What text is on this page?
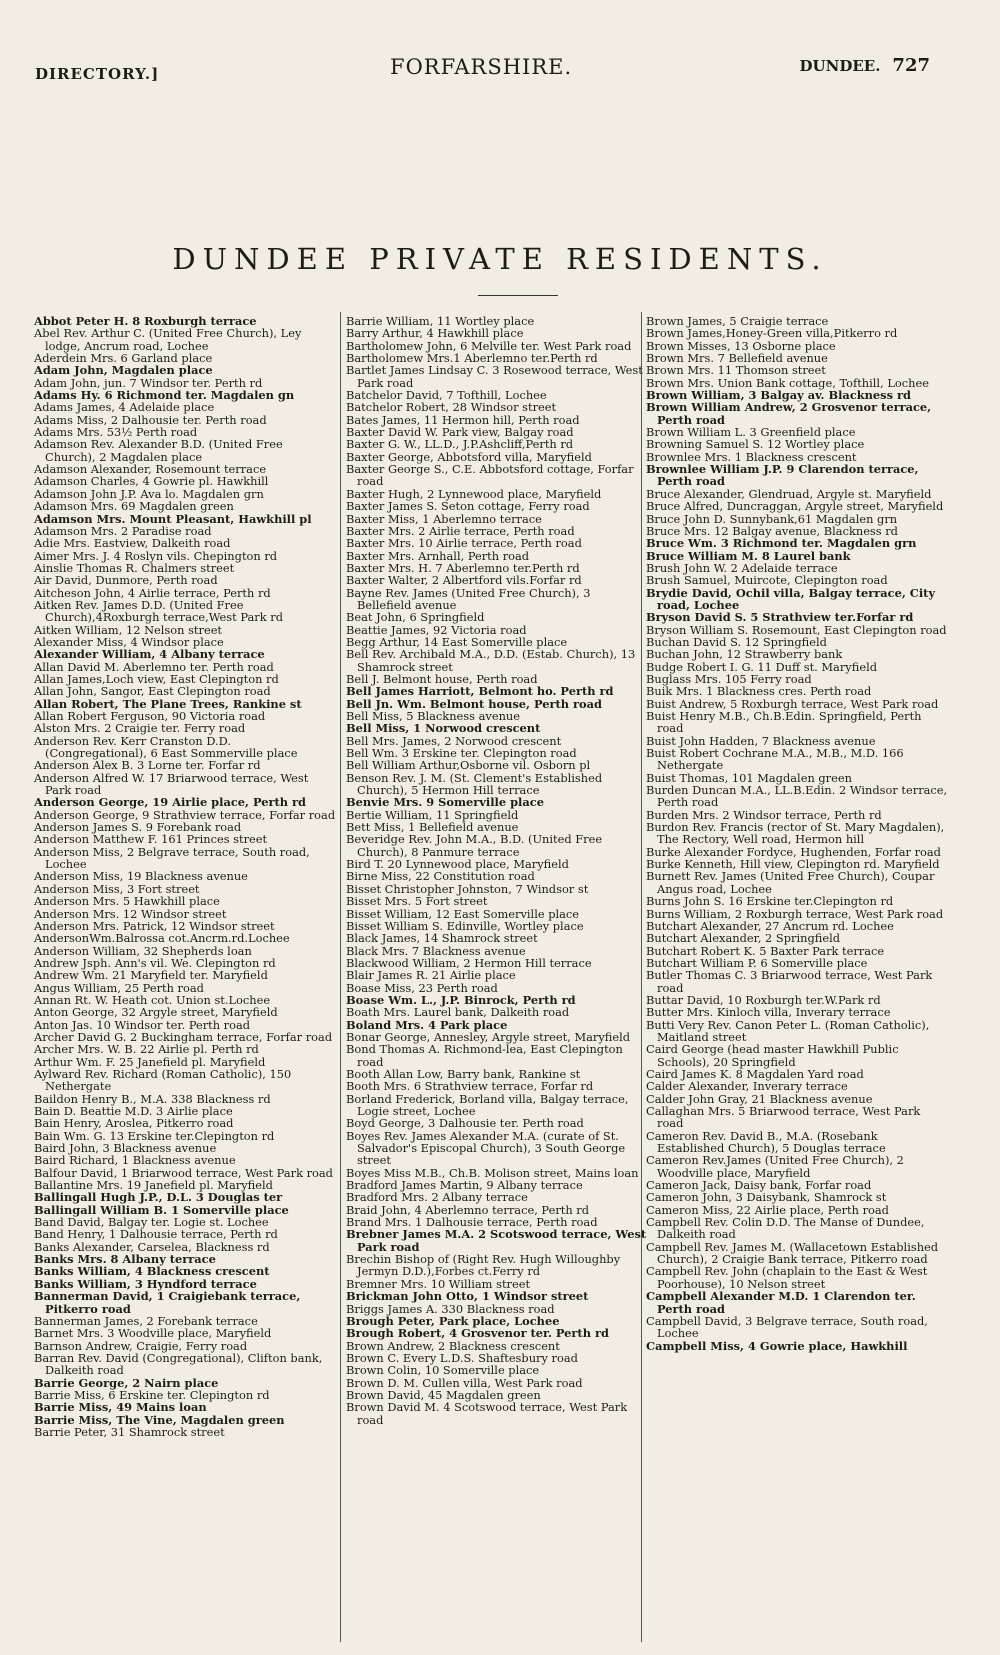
DIRECTORY.]	FORFARSHIRE.	DUNDEE. 727
DUNDEE PRIVATE RESIDENTS.
Abbot Peter H. 8 Roxburgh terrace
Abel Rev. Arthur C. (United Free Church), Ley lodge, Ancrum road, Lochee
Aderdein Mrs. 6 Garland place
Adam John, Magdalen place
Adam John, jun. 7 Windsor ter. Perth rd
Adams Hy. 6 Richmond ter. Magdalen gn
Adams James, 4 Adelaide place
Adams Miss, 2 Dalhousie ter. Perth road
Adams Mrs. 53½ Perth road
Adamson Rev. Alexander B.D. (United Free Church), 2 Magdalen place
Adamson Alexander, Rosemount terrace
Adamson Charles, 4 Gowrie pl. Hawkhill
Adamson John J.P. Ava lo. Magdalen grn
Adamson Mrs. 69 Magdalen green
Adamson Mrs. Mount Pleasant, Hawkhill pl
Adamson Mrs. 2 Paradise road
Adie Mrs. Eastview, Dalkeith road
Aimer Mrs. J. 4 Roslyn vils. Chepington rd
Ainslie Thomas R. Chalmers street
Air David, Dunmore, Perth road
Aitcheson John, 4 Airlie terrace, Perth rd
Aitken Rev. James D.D. (United Free Church),4Roxburgh terrace,West Park rd
Aitken William, 12 Nelson street
Alexander Miss, 4 Windsor place
Alexander William, 4 Albany terrace
Allan David M. Aberlemno ter. Perth road
Allan James,Loch view, East Clepington rd
Allan John, Sangor, East Clepington road
Allan Robert, The Plane Trees, Rankine st
Allan Robert Ferguson, 90 Victoria road
Alston Mrs. 2 Craigie ter. Ferry road
Anderson Rev. Kerr Cranston D.D. (Congregational), 6 East Sommerville place
Anderson Alex B. 3 Lorne ter. Forfar rd
Anderson Alfred W. 17 Briarwood terrace, West Park road
Anderson George, 19 Airlie place, Perth rd
Anderson George, 9 Strathview terrace, Forfar road
Anderson James S. 9 Forebank road
Anderson Matthew F. 161 Princes street
Anderson Miss, 2 Belgrave terrace, South road, Lochee
Anderson Miss, 19 Blackness avenue
Anderson Miss, 3 Fort street
Anderson Mrs. 5 Hawkhill place
Anderson Mrs. 12 Windsor street
Anderson Mrs. Patrick, 12 Windsor street
AndersonWm.Balrossa cot.Ancrm.rd.Lochee
Anderson William, 32 Shepherds loan
Andrew Jsph. Ann's vil. We. Clepington rd
Andrew Wm. 21 Maryfield ter. Maryfield
Angus William, 25 Perth road
Annan Rt. W. Heath cot. Union st.Lochee
Anton George, 32 Argyle street, Maryfield
Anton Jas. 10 Windsor ter. Perth road
Archer David G. 2 Buckingham terrace, Forfar road
Archer Mrs. W. B. 22 Airlie pl. Perth rd
Arthur Wm. F. 25 Janefield pl. Maryfield
Aylward Rev. Richard (Roman Catholic), 150 Nethergate
Baildon Henry B., M.A. 338 Blackness rd
Bain D. Beattie M.D. 3 Airlie place
Bain Henry, Aroslea, Pitkerro road
Bain Wm. G. 13 Erskine ter.Clepington rd
Baird John, 3 Blackness avenue
Baird Richard, 1 Blackness avenue
Balfour David, 1 Briarwood terrace, West Park road
Ballantine Mrs. 19 Janefield pl. Maryfield
Ballingall Hugh J.P., D.L. 3 Douglas ter
Ballingall William B. 1 Somerville place
Band David, Balgay ter. Logie st. Lochee
Band Henry, 1 Dalhousie terrace, Perth rd
Banks Alexander, Carselea, Blackness rd
Banks Mrs. 8 Albany terrace
Banks William, 4 Blackness crescent
Banks William, 3 Hyndford terrace
Bannerman David, 1 Craigiebank terrace, Pitkerro road
Bannerman James, 2 Forebank terrace
Barnet Mrs. 3 Woodville place, Maryfield
Barnson Andrew, Craigie, Ferry road
Barran Rev. David (Congregational), Clifton bank, Dalkeith road
Barrie George, 2 Nairn place
Barrie Miss, 6 Erskine ter. Clepington rd
Barrie Miss, 49 Mains loan
Barrie Miss, The Vine, Magdalen green
Barrie Peter, 31 Shamrock street
Barrie William, 11 Wortley place
Barry Arthur, 4 Hawkhill place
Bartholomew John, 6 Melville ter. West Park road
Bartholomew Mrs.1 Aberlemno ter.Perth rd
Bartlet James Lindsay C. 3 Rosewood terrace, West Park road
Batchelor David, 7 Tofthill, Lochee
Batchelor Robert, 28 Windsor street
Bates James, 11 Hermon hill, Perth road
Baxter David W. Park view, Balgay road
Baxter G. W., LL.D., J.P.Ashcliff,Perth rd
Baxter George, Abbotsford villa, Maryfield
Baxter George S., C.E. Abbotsford cottage, Forfar road
Baxter Hugh, 2 Lynnewood place, Maryfield
Baxter James S. Seton cottage, Ferry road
Baxter Miss, 1 Aberlemno terrace
Baxter Mrs. 2 Airlie terrace, Perth road
Baxter Mrs. 10 Airlie terrace, Perth road
Baxter Mrs. Arnhall, Perth road
Baxter Mrs. H. 7 Aberlemno ter.Perth rd
Baxter Walter, 2 Albertford vils.Forfar rd
Bayne Rev. James (United Free Church), 3 Bellefield avenue
Beat John, 6 Springfield
Beattie James, 92 Victoria road
Begg Arthur, 14 East Somerville place
Bell Rev. Archibald M.A., D.D. (Estab. Church), 13 Shamrock street
Bell J. Belmont house, Perth road
Bell James Harriott, Belmont ho. Perth rd
Bell Jn. Wm. Belmont house, Perth road
Bell Miss, 5 Blackness avenue
Bell Miss, 1 Norwood crescent
Bell Mrs. James, 2 Norwood crescent
Bell Wm. 3 Erskine ter. Clepington road
Bell William Arthur,Osborne vil. Osborn pl
Benson Rev. J. M. (St. Clement's Established Church), 5 Hermon Hill terrace
Benvie Mrs. 9 Somerville place
Bertie William, 11 Springfield
Bett Miss, 1 Bellefield avenue
Beveridge Rev. John M.A., B.D. (United Free Church), 8 Panmure terrace
Bird T. 20 Lynnewood place, Maryfield
Birne Miss, 22 Constitution road
Bisset Christopher Johnston, 7 Windsor st
Bisset Mrs. 5 Fort street
Bisset William, 12 East Somerville place
Bisset William S. Edinville, Wortley place
Black James, 14 Shamrock street
Black Mrs. 7 Blackness avenue
Blackwood William, 2 Hermon Hill terrace
Blair James R. 21 Airlie place
Boase Miss, 23 Perth road
Boase Wm. L., J.P. Binrock, Perth rd
Boath Mrs. Laurel bank, Dalkeith road
Boland Mrs. 4 Park place
Bonar George, Annesley, Argyle street, Maryfield
Bond Thomas A. Richmond-lea, East Clepington road
Booth Allan Low, Barry bank, Rankine st
Booth Mrs. 6 Strathview terrace, Forfar rd
Borland Frederick, Borland villa, Balgay terrace, Logie street, Lochee
Boyd George, 3 Dalhousie ter. Perth road
Boyes Rev. James Alexander M.A. (curate of St. Salvador's Episcopal Church), 3 South George street
Boyes Miss M.B., Ch.B. Molison street, Mains loan
Bradford James Martin, 9 Albany terrace
Bradford Mrs. 2 Albany terrace
Braid John, 4 Aberlemno terrace, Perth rd
Brand Mrs. 1 Dalhousie terrace, Perth road
Brebner James M.A. 2 Scotswood terrace, West Park road
Brechin Bishop of (Right Rev. Hugh Willoughby Jermyn D.D.),Forbes ct.Ferry rd
Bremner Mrs. 10 William street
Brickman John Otto, 1 Windsor street
Briggs James A. 330 Blackness road
Brough Peter, Park place, Lochee
Brough Robert, 4 Grosvenor ter. Perth rd
Brown Andrew, 2 Blackness crescent
Brown C. Every L.D.S. Shaftesbury road
Brown Colin, 10 Somerville place
Brown D. M. Cullen villa, West Park road
Brown David, 45 Magdalen green
Brown David M. 4 Scotswood terrace, West Park road
Brown James, 5 Craigie terrace
Brown James,Honey-Green villa,Pitkerro rd
Brown Misses, 13 Osborne place
Brown Mrs. 7 Bellefield avenue
Brown Mrs. 11 Thomson street
Brown Mrs. Union Bank cottage, Tofthill, Lochee
Brown William, 3 Balgay av. Blackness rd
Brown William Andrew, 2 Grosvenor terrace, Perth road
Brown William L. 3 Greenfield place
Browning Samuel S. 12 Wortley place
Brownlee Mrs. 1 Blackness crescent
Brownlee William J.P. 9 Clarendon terrace, Perth road
Bruce Alexander, Glendruad, Argyle st. Maryfield
Bruce Alfred, Duncraggan, Argyle street, Maryfield
Bruce John D. Sunnybank,61 Magdalen grn
Bruce Mrs. 12 Balgay avenue, Blackness rd
Bruce Wm. 3 Richmond ter. Magdalen grn
Bruce William M. 8 Laurel bank
Brush John W. 2 Adelaide terrace
Brush Samuel, Muircote, Clepington road
Brydie David, Ochil villa, Balgay terrace, City road, Lochee
Bryson David S. 5 Strathview ter.Forfar rd
Bryson William S. Rosemount, East Clepington road
Buchan David S. 12 Springfield
Buchan John, 12 Strawberry bank
Budge Robert I. G. 11 Duff st. Maryfield
Buglass Mrs. 105 Ferry road
Buik Mrs. 1 Blackness cres. Perth road
Buist Andrew, 5 Roxburgh terrace, West Park road
Buist Henry M.B., Ch.B.Edin. Springfield, Perth road
Buist John Hadden, 7 Blackness avenue
Buist Robert Cochrane M.A., M.B., M.D. 166 Nethergate
Buist Thomas, 101 Magdalen green
Burden Duncan M.A., LL.B.Edin. 2 Windsor terrace, Perth road
Burden Mrs. 2 Windsor terrace, Perth rd
Burdon Rev. Francis (rector of St. Mary Magdalen), The Rectory, Well road, Hermon hill
Burke Alexander Fordyce, Hughenden, Forfar road
Burke Kenneth, Hill view, Clepington rd. Maryfield
Burnett Rev. James (United Free Church), Coupar Angus road, Lochee
Burns John S. 16 Erskine ter.Clepington rd
Burns William, 2 Roxburgh terrace, West Park road
Butchart Alexander, 27 Ancrum rd. Lochee
Butchart Alexander, 2 Springfield
Butchart Robert K. 5 Baxter Park terrace
Butchart William P. 6 Somerville place
Butler Thomas C. 3 Briarwood terrace, West Park road
Buttar David, 10 Roxburgh ter.W.Park rd
Butter Mrs. Kinloch villa, Inverary terrace
Butti Very Rev. Canon Peter L. (Roman Catholic), Maitland street
Caird George (head master Hawkhill Public Schools), 20 Springfield
Caird James K. 8 Magdalen Yard road
Calder Alexander, Inverary terrace
Calder John Gray, 21 Blackness avenue
Callaghan Mrs. 5 Briarwood terrace, West Park road
Cameron Rev. David B., M.A. (Rosebank Established Church), 5 Douglas terrace
Cameron Rev.James (United Free Church), 2 Woodville place, Maryfield
Cameron Jack, Daisy bank, Forfar road
Cameron John, 3 Daisybank, Shamrock st
Cameron Miss, 22 Airlie place, Perth road
Campbell Rev. Colin D.D. The Manse of Dundee, Dalkeith road
Campbell Rev. James M. (Wallacetown Established Church), 2 Craigie Bank terrace, Pitkerro road
Campbell Rev. John (chaplain to the East & West Poorhouse), 10 Nelson street
Campbell Alexander M.D. 1 Clarendon ter. Perth road
Campbell David, 3 Belgrave terrace, South road, Lochee
Campbell Miss, 4 Gowrie place, Hawkhill
